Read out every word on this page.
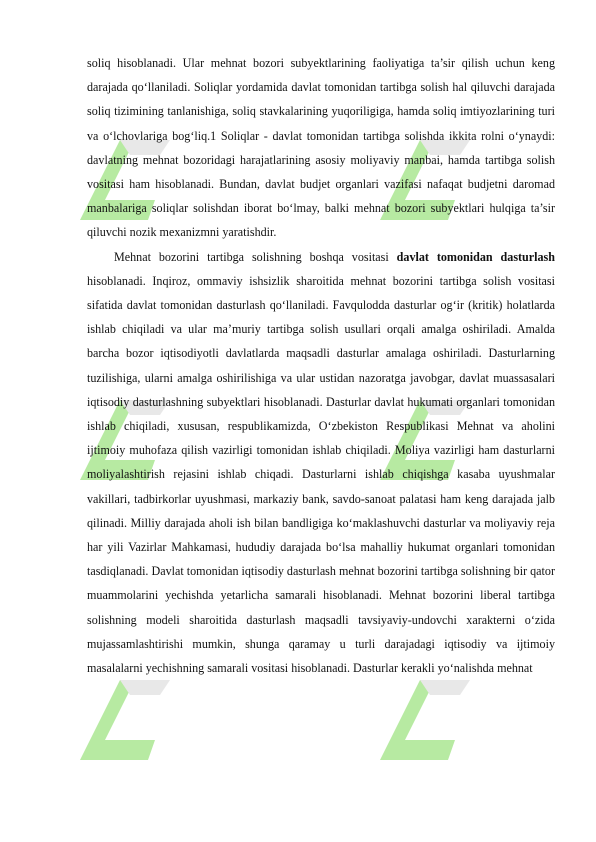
soliq hisoblanadi. Ular mehnat bozori subyektlarining faoliyatiga ta’sir qilish uchun keng darajada qo‘llaniladi. Soliqlar yordamida davlat tomonidan tartibga solish hal qiluvchi darajada soliq tizimining tanlanishiga, soliq stavkalarining yuqoriligiga, hamda soliq imtiyozlarining turi va o‘lchovlariga bog‘liq.1 Soliqlar - davlat tomonidan tartibga solishda ikkita rolni o‘ynaydi: davlatning mehnat bozoridagi harajatlarining asosiy moliyaviy manbai, hamda tartibga solish vositasi ham hisoblanadi. Bundan, davlat budjet organlari vazifasi nafaqat budjetni daromad manbalariga soliqlar solishdan iborat bo‘lmay, balki mehnat bozori subyektlari hulqiga ta’sir qiluvchi nozik mexanizmni yaratishdir.

Mehnat bozorini tartibga solishning boshqa vositasi davlat tomonidan dasturlash hisoblanadi. Inqiroz, ommaviy ishsizlik sharoitida mehnat bozorini tartibga solish vositasi sifatida davlat tomonidan dasturlash qo‘llaniladi. Favqulodda dasturlar og‘ir (kritik) holatlarda ishlab chiqiladi va ular ma’muriy tartibga solish usullari orqali amalga oshiriladi. Amalda barcha bozor iqtisodiyotli davlatlarda maqsadli dasturlar amalaga oshiriladi. Dasturlarning tuzilishiga, ularni amalga oshirilishiga va ular ustidan nazoratga javobgar, davlat muassasalari iqtisodiy dasturlashning subyektlari hisoblanadi. Dasturlar davlat hukumati organlari tomonidan ishlab chiqiladi, xususan, respublikamizda, O‘zbekiston Respublikasi Mehnat va aholini ijtimoiy muhofaza qilish vazirligi tomonidan ishlab chiqiladi. Moliya vazirligi ham dasturlarni moliyalashtirish rejasini ishlab chiqadi. Dasturlarni ishlab chiqishga kasaba uyushmalar vakillari, tadbirkorlar uyushmasi, markaziy bank, savdo-sanoat palatasi ham keng darajada jalb qilinadi. Milliy darajada aholi ish bilan bandligiga ko‘maklashuvchi dasturlar va moliyaviy reja har yili Vazirlar Mahkamasi, hududiy darajada bo‘lsa mahalliy hukumat organlari tomonidan tasdiqlanadi. Davlat tomonidan iqtisodiy dasturlash mehnat bozorini tartibga solishning bir qator muammolarini yechishda yetarlicha samarali hisoblanadi. Mehnat bozorini liberal tartibga solishning modeli sharoitida dasturlash maqsadli tavsiyaviy-undovchi xarakterni o‘zida mujassamlashtirishi mumkin, shunga qaramay u turli darajadagi iqtisodiy va ijtimoiy masalalarni yechishning samarali vositasi hisoblanadi. Dasturlar kerakli yo‘nalishda mehnat
